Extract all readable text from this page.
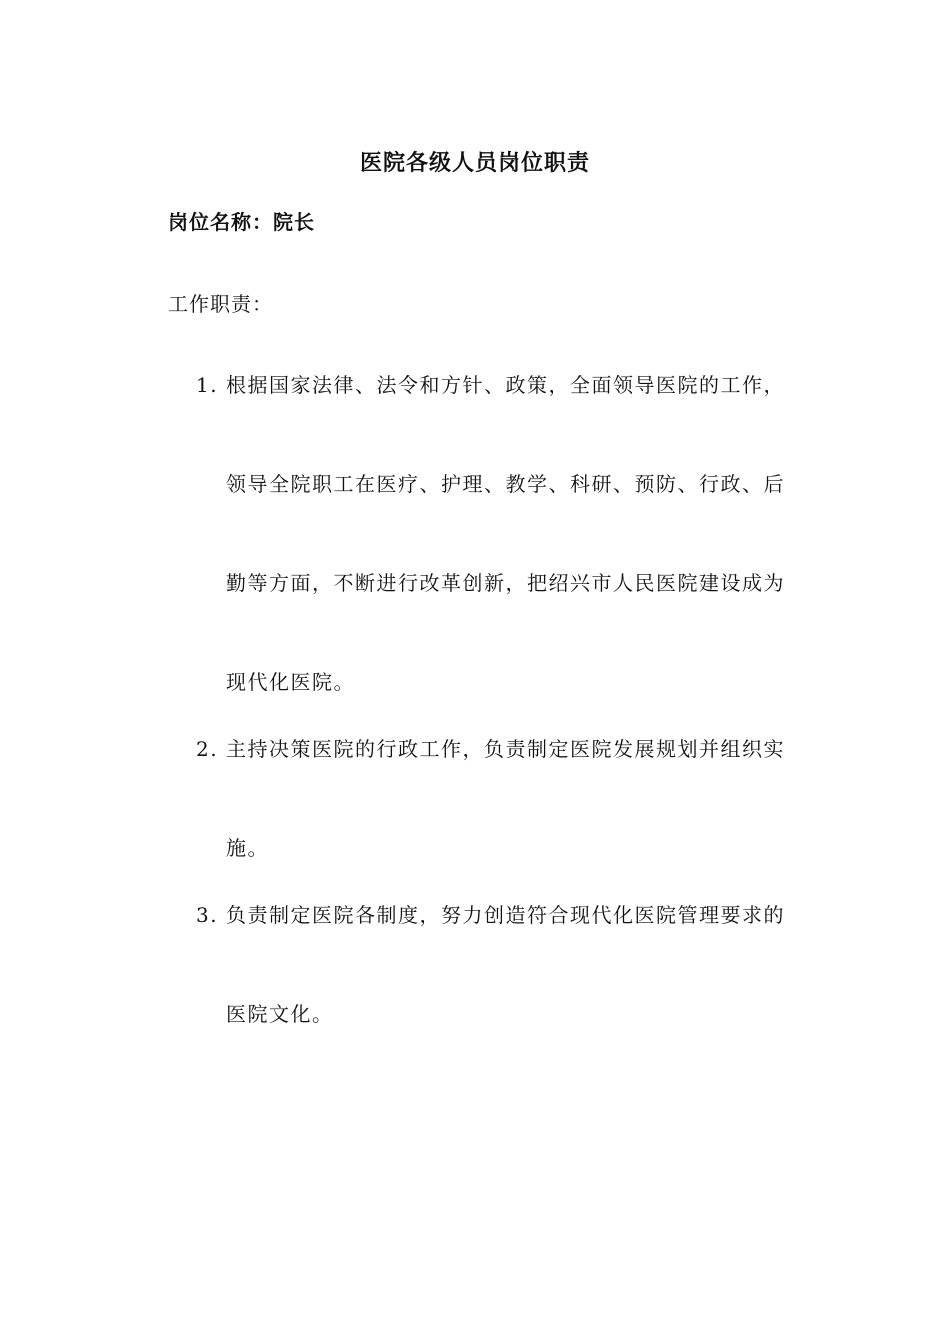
医院各级人员岗位职责
岗位名称：院长
工作职责：
1. 根据国家法律、法令和方针、政策，全面领导医院的工作，领导全院职工在医疗、护理、教学、科研、预防、行政、后勤等方面，不断进行改革创新，把绍兴市人民医院建设成为现代化医院。
2. 主持决策医院的行政工作，负责制定医院发展规划并组织实施。
3. 负责制定医院各制度，努力创造符合现代化医院管理要求的医院文化。
